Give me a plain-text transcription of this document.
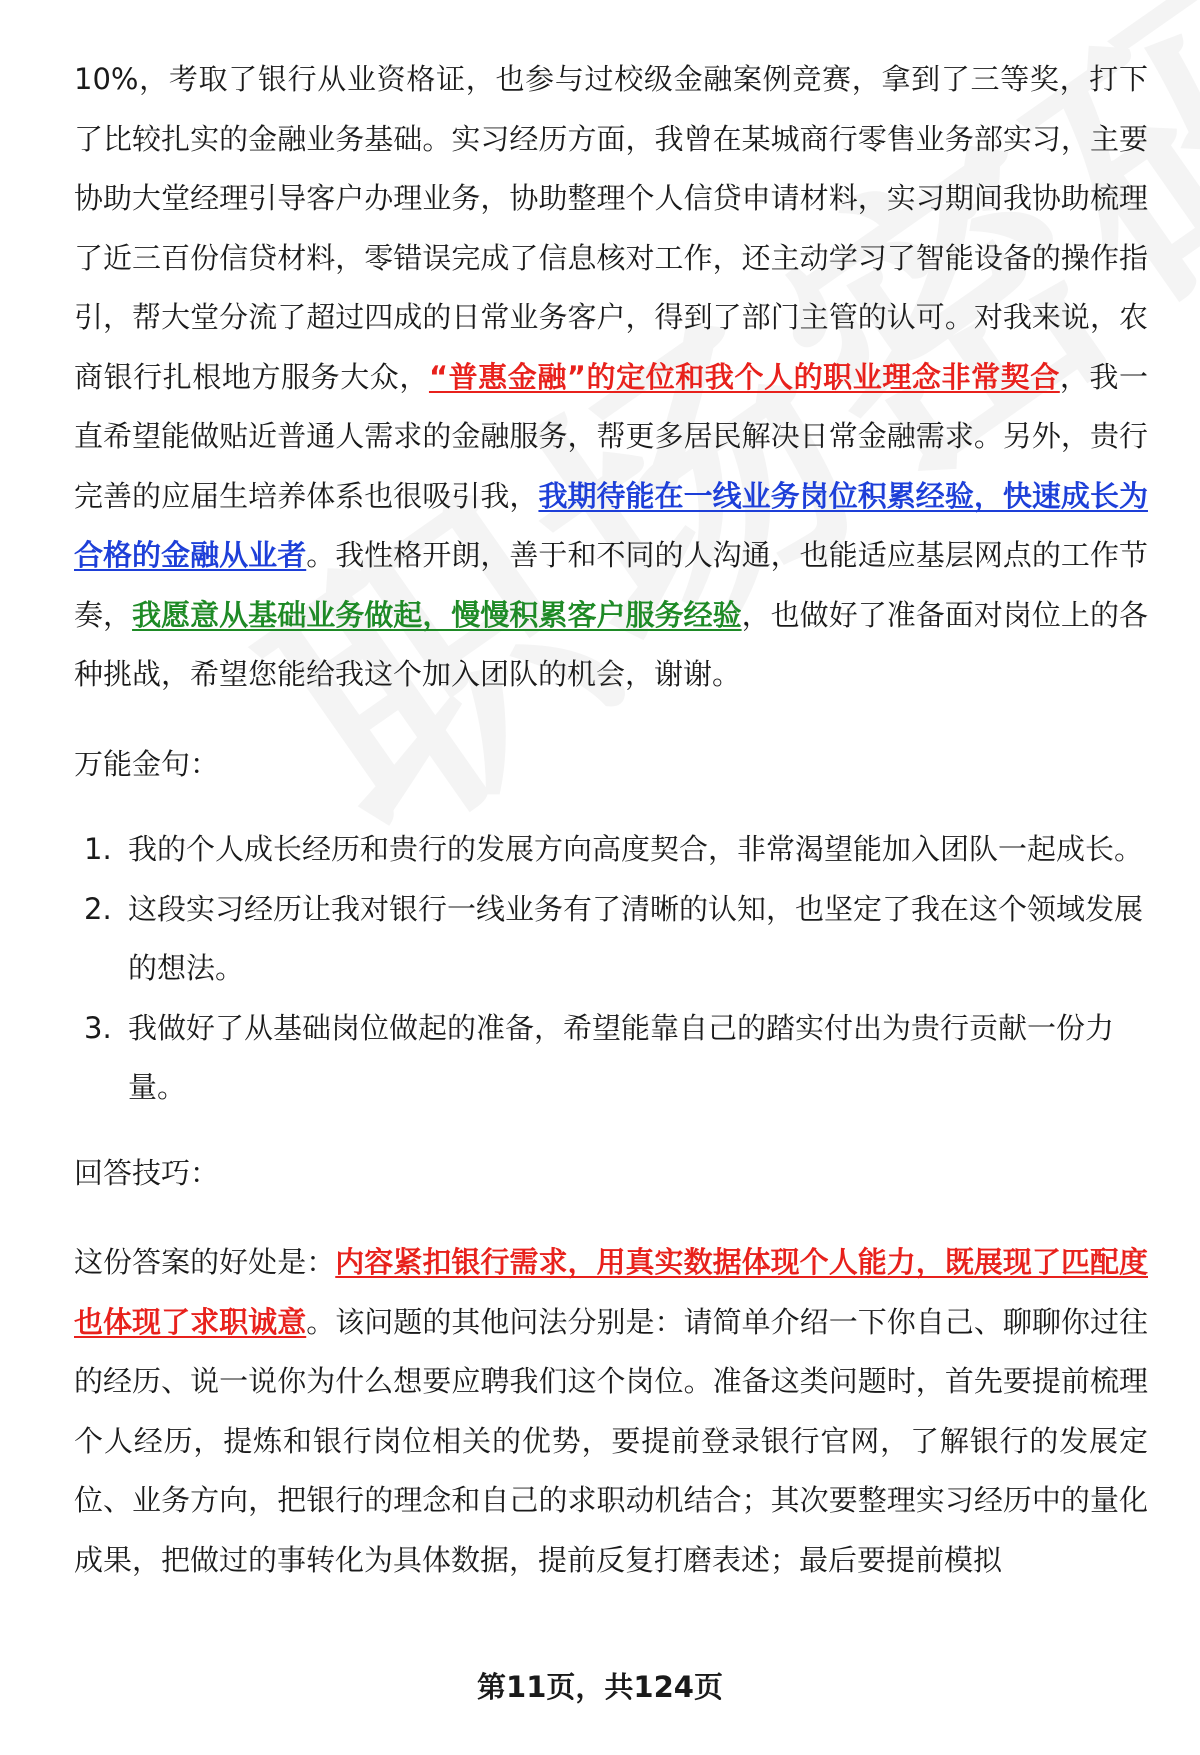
10%，考取了银行从业资格证，也参与过校级金融案例竞赛，拿到了三等奖，打下了比较扎实的金融业务基础。实习经历方面，我曾在某城商行零售业务部实习，主要协助大堂经理引导客户办理业务，协助整理个人信贷申请材料，实习期间我协助梳理了近三百份信贷材料，零错误完成了信息核对工作，还主动学习了智能设备的操作指引，帮大堂分流了超过四成的日常业务客户，得到了部门主管的认可。对我来说，农商银行扎根地方服务大众，“普惠金融”的定位和我个人的职业理念非常契合，我一直希望能做贴近普通人需求的金融服务，帮更多居民解决日常金融需求。另外，贵行完善的应届生培养体系也很吸引我，我期待能在一线业务岗位积累经验，快速成长为合格的金融从业者。我性格开朗，善于和不同的人沟通，也能适应基层网点的工作节奏，我愿意从基础业务做起，慢慢积累客户服务经验，也做好了准备面对岗位上的各种挑战，希望您能给我这个加入团队的机会，谢谢。

万能金句：

1. 我的个人成长经历和贵行的发展方向高度契合，非常渴望能加入团队一起成长。
2. 这段实习经历让我对银行一线业务有了清晰的认知，也坚定了我在这个领域发展的想法。
3. 我做好了从基础岗位做起的准备，希望能靠自己的踏实付出为贵行贡献一份力量。

回答技巧：

这份答案的好处是：内容紧扣银行需求，用真实数据体现个人能力，既展现了匹配度也体现了求职诚意。该问题的其他问法分别是：请简单介绍一下你自己、聊聊你过往的经历、说一说你为什么想要应聘我们这个岗位。准备这类问题时，首先要提前梳理个人经历，提炼和银行岗位相关的优势，要提前登录银行官网，了解银行的发展定位、业务方向，把银行的理念和自己的求职动机结合；其次要整理实习经历中的量化成果，把做过的事转化为具体数据，提前反复打磨表述；最后要提前模拟

第11页，共124页
